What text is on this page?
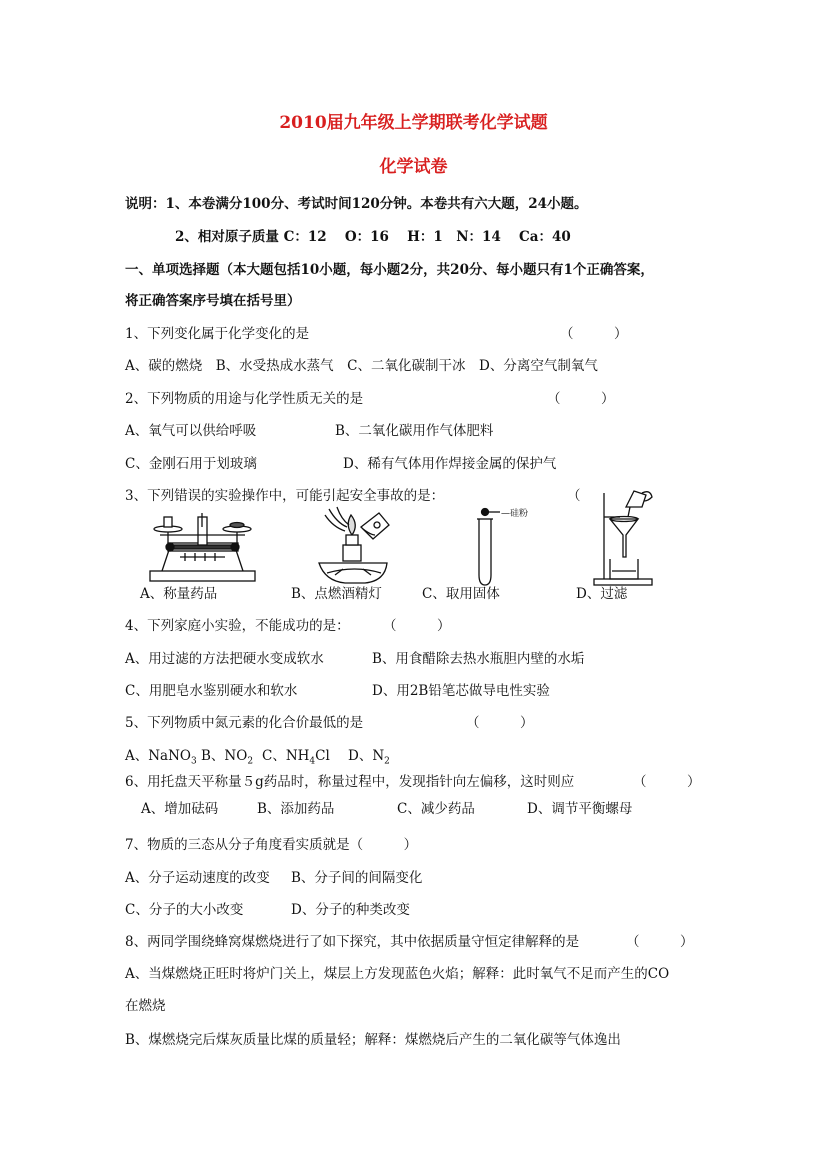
2010届九年级上学期联考化学试题
化学试卷
说明：1、本卷满分100分、考试时间120分钟。本卷共有六大题，24小题。
2、相对原子质量 C：12　 O：16　 H：1　N：14　 Ca：40
一、单项选择题（本大题包括10小题，每小题2分，共20分、每小题只有1个正确答案，
将正确答案序号填在括号里）
1、下列变化属于化学变化的是	（　　　）
A、碳的燃烧　B、水受热成水蒸气　C、二氧化碳制干冰　D、分离空气制氧气
2、下列物质的用途与化学性质无关的是	（　　　）
A、氧气可以供给呼吸	B、二氧化碳用作气体肥料
C、金刚石用于划玻璃	D、稀有气体用作焊接金属的保护气
3、下列错误的实验操作中，可能引起安全事故的是：	（
—硅粉
A、称量药品	B、点燃酒精灯	C、取用固体	D、过滤
4、下列家庭小实验，不能成功的是： （　　　）
A、用过滤的方法把硬水变成软水	B、用食醋除去热水瓶胆内壁的水垢
C、用肥皂水鉴别硬水和软水	D、用2B铅笔芯做导电性实验
5、下列物质中氮元素的化合价最低的是	（　　　）
A、NaNO$_3$ B、$NO_2$ C、$NH_4Cl$ D、$N_2$
6、用托盘天平称量５g药品时，称量过程中，发现指针向左偏移，这时则应	（　　　）
A、增加砝码	B、添加药品	C、减少药品	D、调节平衡螺母
7、物质的三态从分子角度看实质就是（　　　）
A、分子运动速度的改变 B、分子间的间隔变化
C、分子的大小改变	D、分子的种类改变
8、两同学围绕蜂窝煤燃烧进行了如下探究，其中依据质量守恒定律解释的是	（　　　）
A、当煤燃烧正旺时将炉门关上，煤层上方发现蓝色火焰；解释：此时氧气不足而产生的CO
在燃烧
B、煤燃烧完后煤灰质量比煤的质量轻；解释：煤燃烧后产生的二氧化碳等气体逸出
